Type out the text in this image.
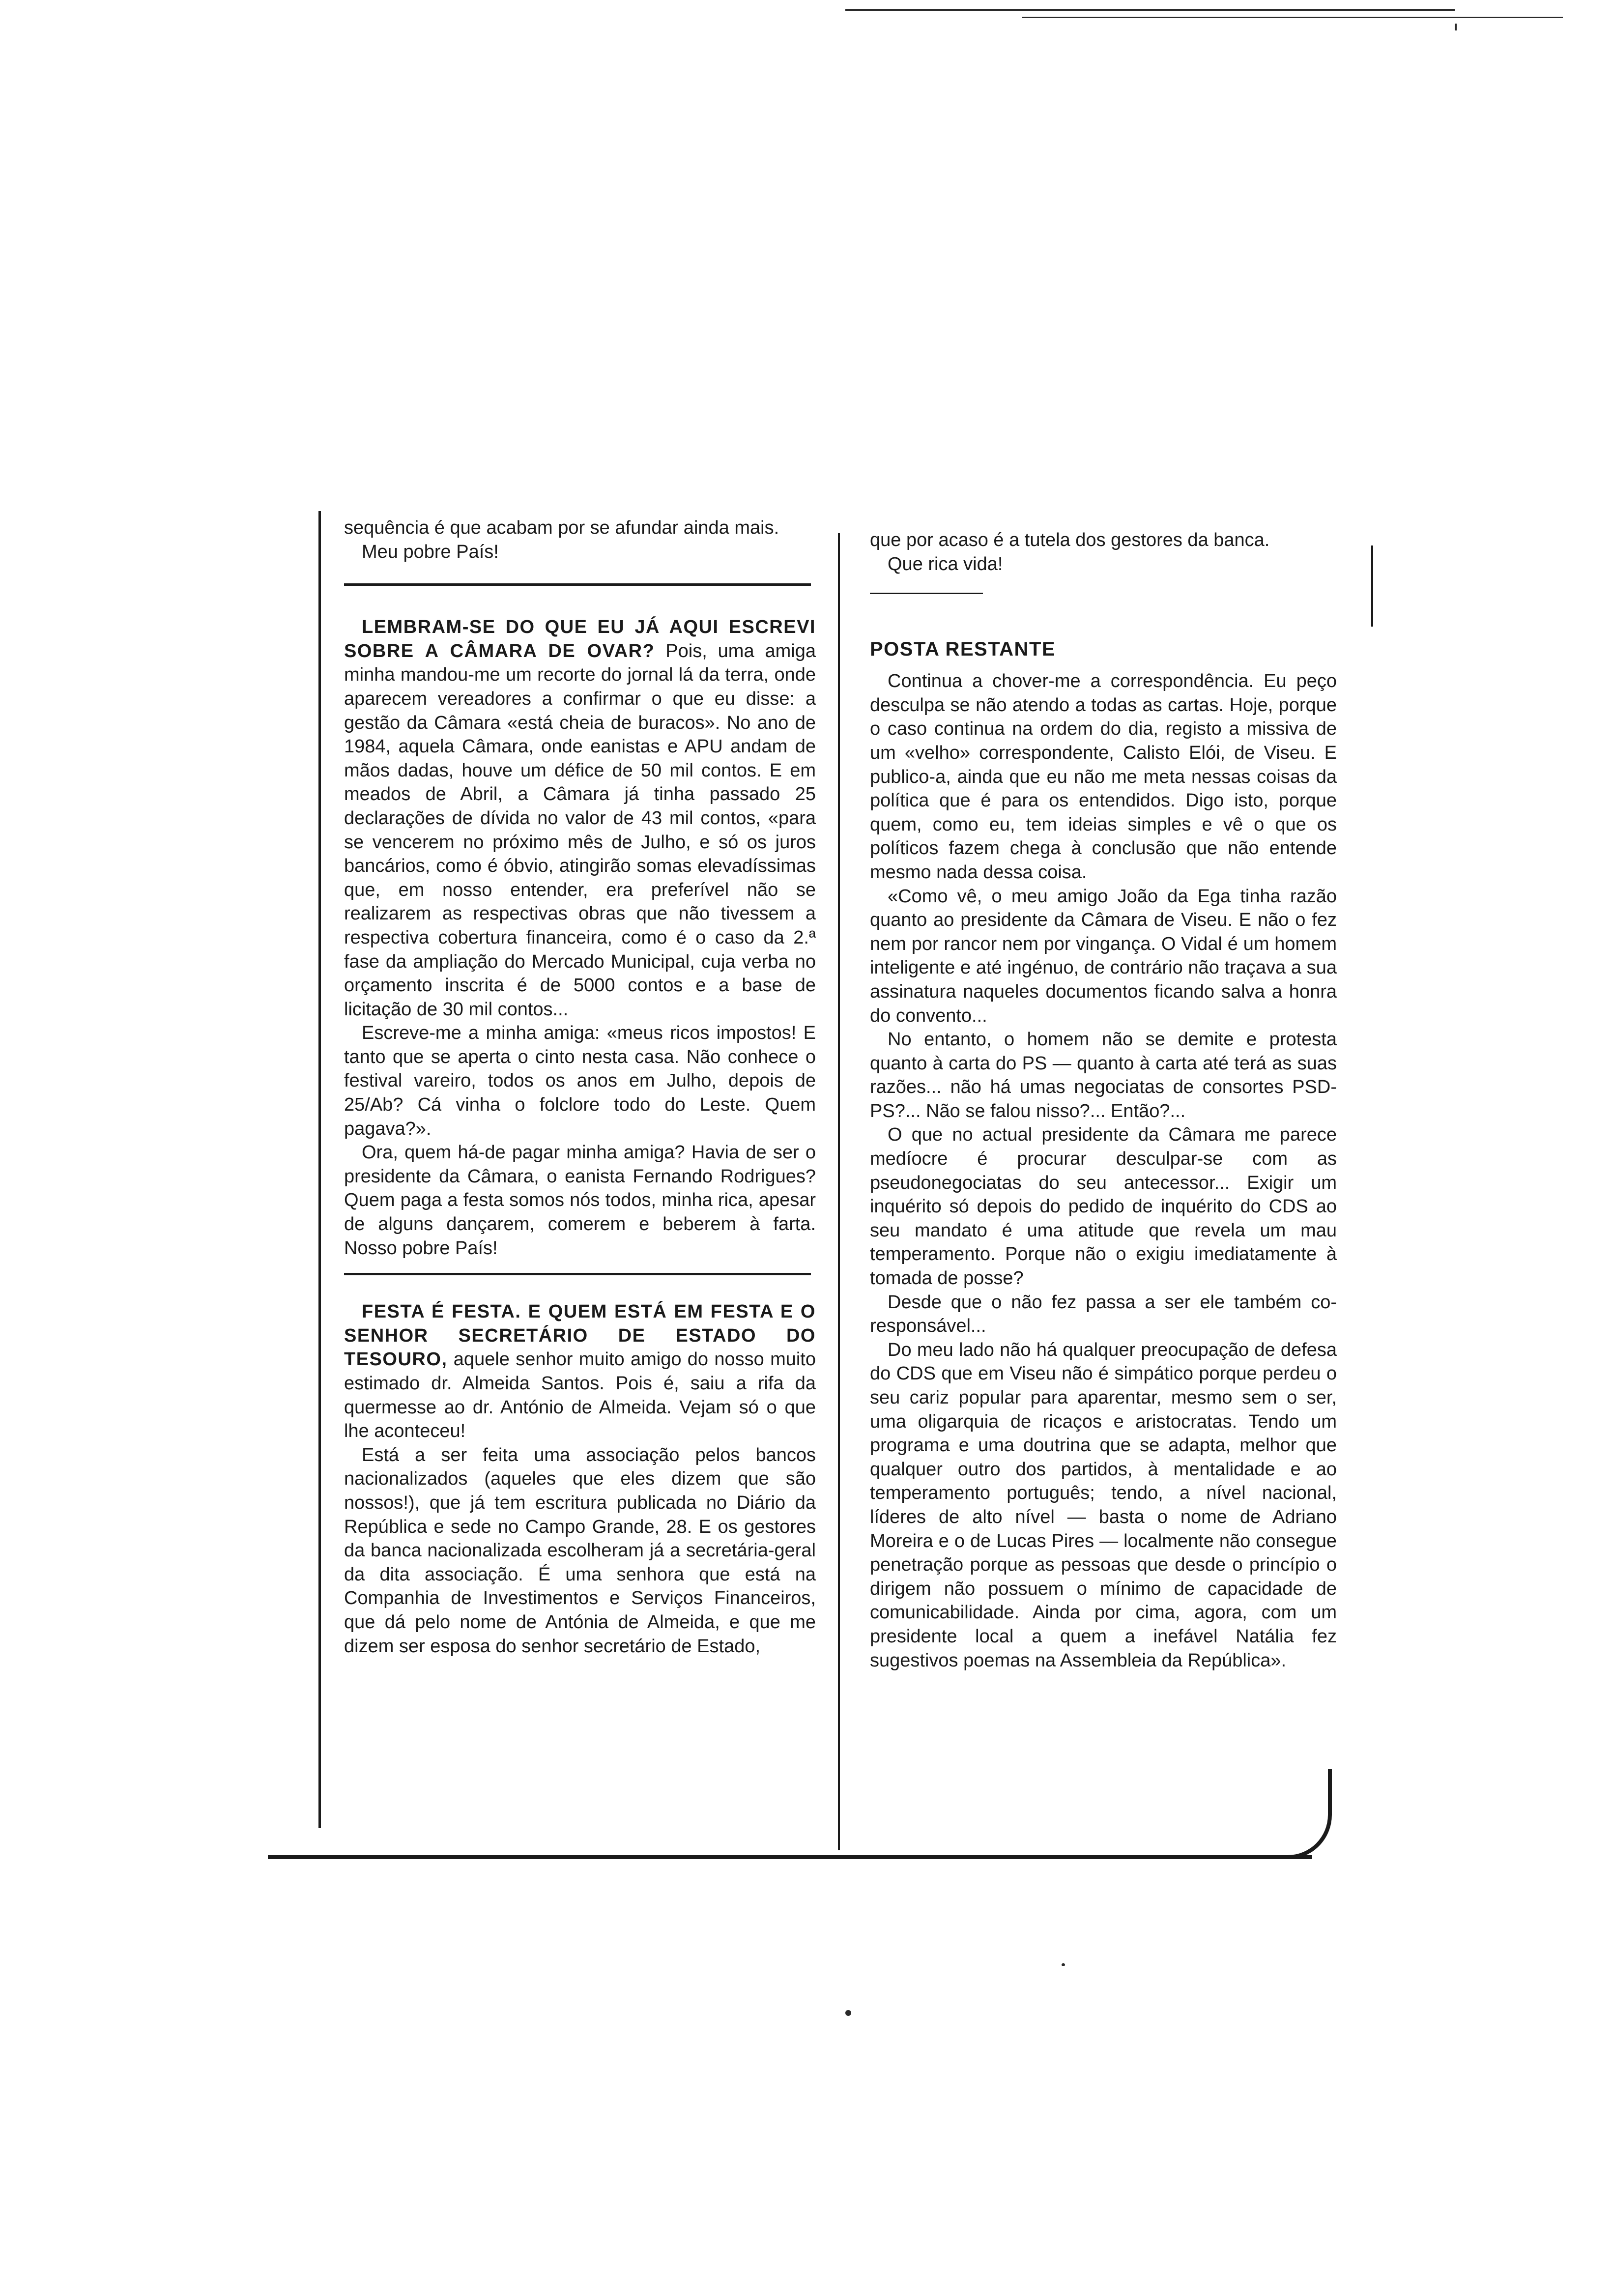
sequência é que acabam por se afundar ainda mais.

Meu pobre País!

LEMBRAM-SE DO QUE EU JÁ AQUI ESCREVI SOBRE A CÂMARA DE OVAR? Pois, uma amiga minha mandou-me um recorte do jornal lá da terra, onde aparecem vereadores a confirmar o que eu disse: a gestão da Câmara «está cheia de buracos». No ano de 1984, aquela Câmara, onde eanistas e APU andam de mãos dadas, houve um défice de 50 mil contos. E em meados de Abril, a Câmara já tinha passado 25 declarações de dívida no valor de 43 mil contos, «para se vencerem no próximo mês de Julho, e só os juros bancários, como é óbvio, atingirão somas elevadíssimas que, em nosso entender, era preferível não se realizarem as respectivas obras que não tivessem a respectiva cobertura financeira, como é o caso da 2.ª fase da ampliação do Mercado Municipal, cuja verba no orçamento inscrita é de 5000 contos e a base de licitação de 30 mil contos...

Escreve-me a minha amiga: «meus ricos impostos! E tanto que se aperta o cinto nesta casa. Não conhece o festival vareiro, todos os anos em Julho, depois de 25/Ab? Cá vinha o folclore todo do Leste. Quem pagava?».

Ora, quem há-de pagar minha amiga? Havia de ser o presidente da Câmara, o eanista Fernando Rodrigues? Quem paga a festa somos nós todos, minha rica, apesar de alguns dançarem, comerem e beberem à farta. Nosso pobre País!

FESTA É FESTA. E QUEM ESTÁ EM FESTA E O SENHOR SECRETÁRIO DE ESTADO DO TESOURO, aquele senhor muito amigo do nosso muito estimado dr. Almeida Santos. Pois é, saiu a rifa da quermesse ao dr. António de Almeida. Vejam só o que lhe aconteceu!

Está a ser feita uma associação pelos bancos nacionalizados (aqueles que eles dizem que são nossos!), que já tem escritura publicada no Diário da República e sede no Campo Grande, 28. E os gestores da banca nacionalizada escolheram já a secretária-geral da dita associação. É uma senhora que está na Companhia de Investimentos e Serviços Financeiros, que dá pelo nome de Antónia de Almeida, e que me dizem ser esposa do senhor secretário de Estado,

que por acaso é a tutela dos gestores da banca.

Que rica vida!

POSTA RESTANTE

Continua a chover-me a correspondência. Eu peço desculpa se não atendo a todas as cartas. Hoje, porque o caso continua na ordem do dia, registo a missiva de um «velho» correspondente, Calisto Elói, de Viseu. E publico-a, ainda que eu não me meta nessas coisas da política que é para os entendidos. Digo isto, porque quem, como eu, tem ideias simples e vê o que os políticos fazem chega à conclusão que não entende mesmo nada dessa coisa.

«Como vê, o meu amigo João da Ega tinha razão quanto ao presidente da Câmara de Viseu. E não o fez nem por rancor nem por vingança. O Vidal é um homem inteligente e até ingénuo, de contrário não traçava a sua assinatura naqueles documentos ficando salva a honra do convento...

No entanto, o homem não se demite e protesta quanto à carta do PS — quanto à carta até terá as suas razões... não há umas negociatas de consortes PSD-PS?... Não se falou nisso?... Então?...

O que no actual presidente da Câmara me parece medíocre é procurar desculpar-se com as pseudonegociatas do seu antecessor... Exigir um inquérito só depois do pedido de inquérito do CDS ao seu mandato é uma atitude que revela um mau temperamento. Porque não o exigiu imediatamente à tomada de posse?

Desde que o não fez passa a ser ele também co-responsável...

Do meu lado não há qualquer preocupação de defesa do CDS que em Viseu não é simpático porque perdeu o seu cariz popular para aparentar, mesmo sem o ser, uma oligarquia de ricaços e aristocratas. Tendo um programa e uma doutrina que se adapta, melhor que qualquer outro dos partidos, à mentalidade e ao temperamento português; tendo, a nível nacional, líderes de alto nível — basta o nome de Adriano Moreira e o de Lucas Pires — localmente não consegue penetração porque as pessoas que desde o princípio o dirigem não possuem o mínimo de capacidade de comunicabilidade. Ainda por cima, agora, com um presidente local a quem a inefável Natália fez sugestivos poemas na Assembleia da República».
